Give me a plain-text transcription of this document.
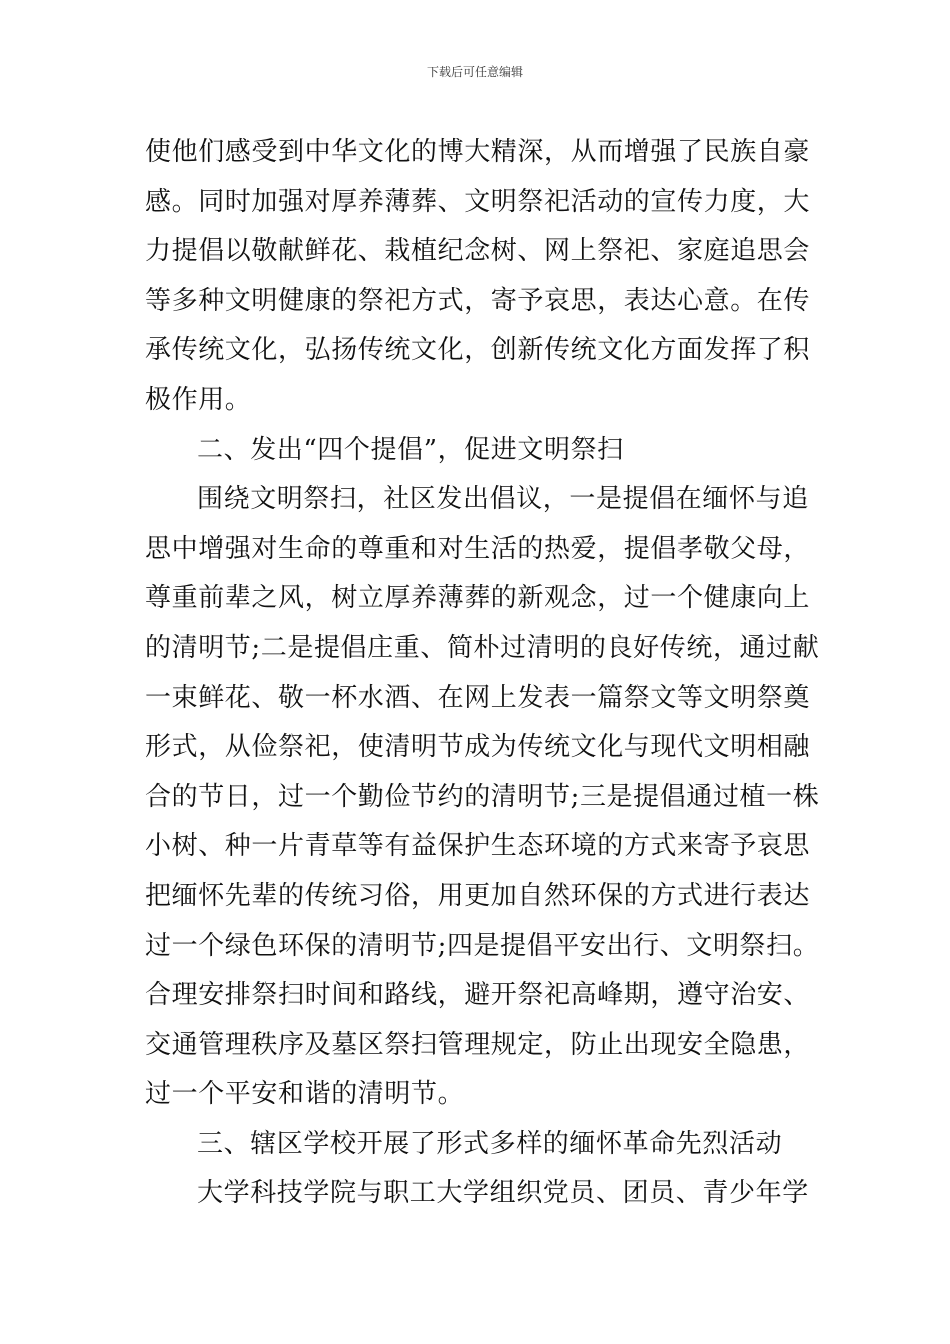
下载后可任意编辑
使他们感受到中华文化的博大精深，从而增强了民族自豪
感。同时加强对厚养薄葬、文明祭祀活动的宣传力度，大
力提倡以敬献鲜花、栽植纪念树、网上祭祀、家庭追思会
等多种文明健康的祭祀方式，寄予哀思，表达心意。在传
承传统文化，弘扬传统文化，创新传统文化方面发挥了积
极作用。
二、发出“四个提倡”，促进文明祭扫
围绕文明祭扫，社区发出倡议，一是提倡在缅怀与追
思中增强对生命的尊重和对生活的热爱，提倡孝敬父母，
尊重前辈之风，树立厚养薄葬的新观念，过一个健康向上
的清明节;二是提倡庄重、简朴过清明的良好传统，通过献
一束鲜花、敬一杯水酒、在网上发表一篇祭文等文明祭奠
形式，从俭祭祀，使清明节成为传统文化与现代文明相融
合的节日，过一个勤俭节约的清明节;三是提倡通过植一株
小树、种一片青草等有益保护生态环境的方式来寄予哀思
把缅怀先辈的传统习俗，用更加自然环保的方式进行表达
过一个绿色环保的清明节;四是提倡平安出行、文明祭扫。
合理安排祭扫时间和路线，避开祭祀高峰期，遵守治安、
交通管理秩序及墓区祭扫管理规定，防止出现安全隐患，
过一个平安和谐的清明节。
三、辖区学校开展了形式多样的缅怀革命先烈活动
大学科技学院与职工大学组织党员、团员、青少年学
